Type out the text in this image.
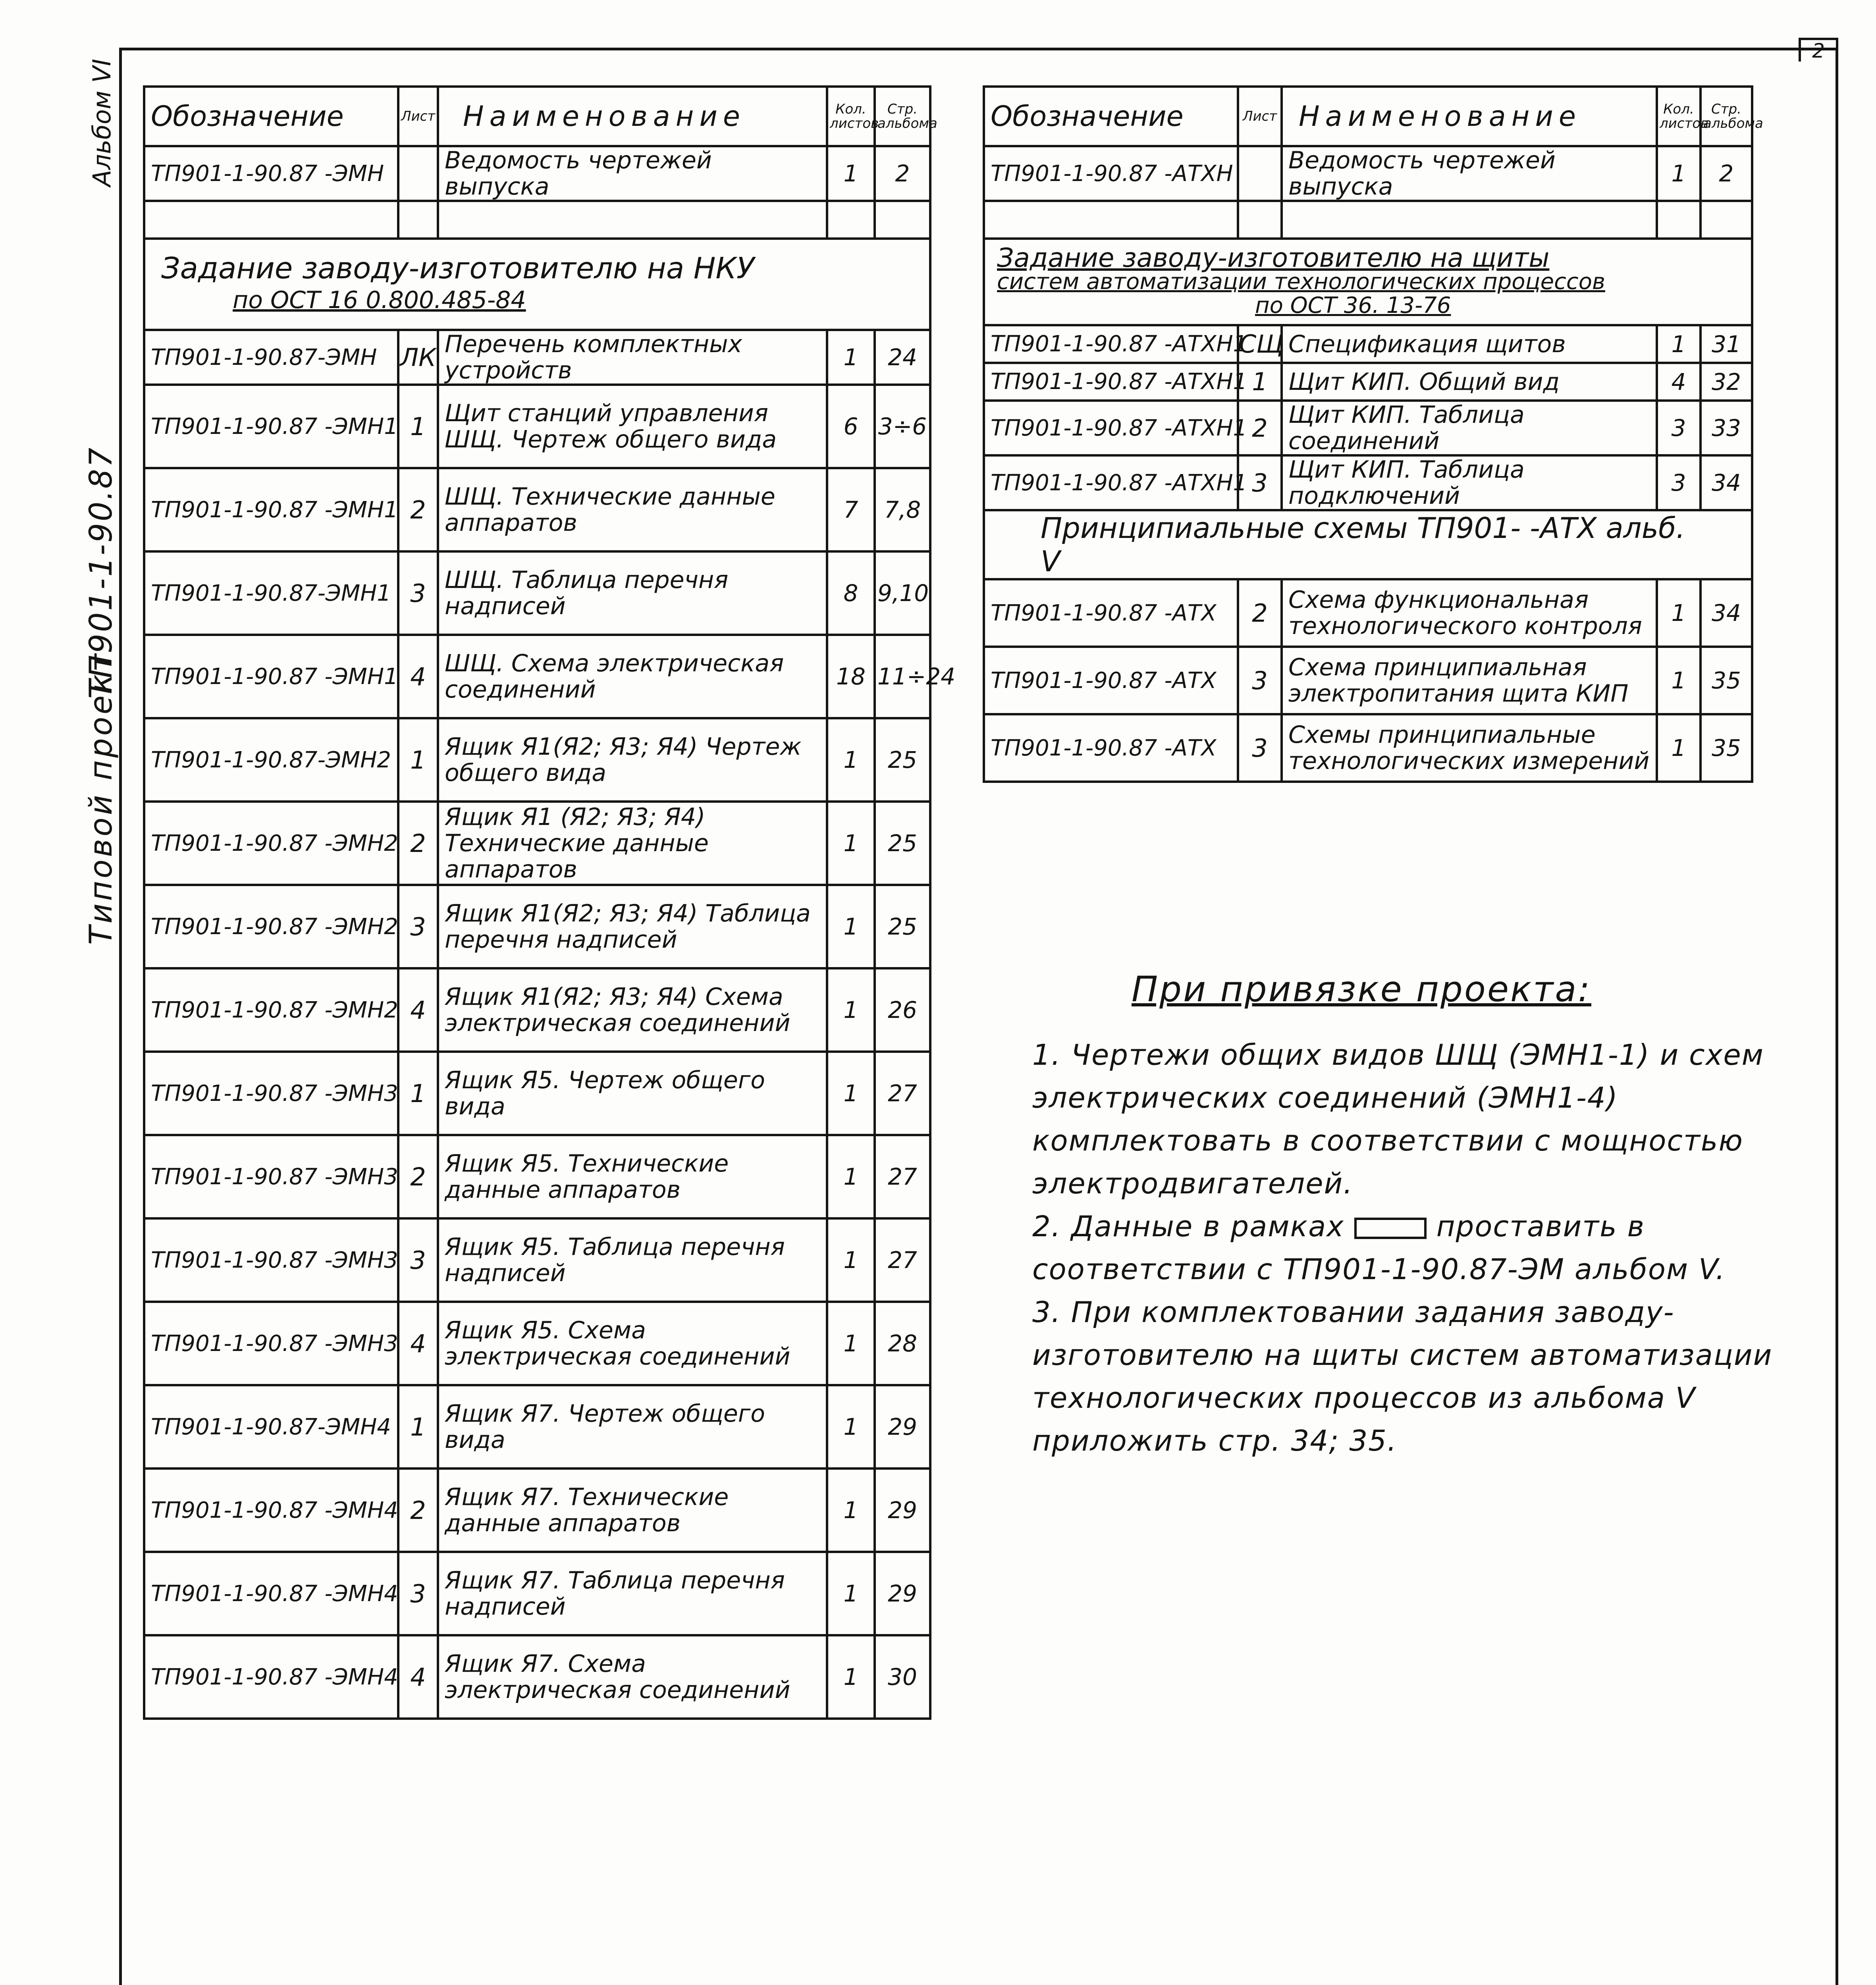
2
Альбом VI
Типовой проект
ТП901-1-90.87
Обозначение	Лист	Наименование	Кол. листов	Стр. альбома
ТП901-1-90.87 -ЭМН		Ведомость чертежей выпуска	1	2

Задание заводу-изготовителю на НКУ
по ОСТ 16 0.800.485-84				

ТП901-1-90.87-ЭМН	ЛК	Перечень комплектных устройств	1	24
ТП901-1-90.87 -ЭМН1	1	Щит станций управления ШЩ. Чертеж общего вида	6	3÷6
ТП901-1-90.87 -ЭМН1	2	ШЩ. Технические данные аппаратов	7	7,8
ТП901-1-90.87-ЭМН1	3	ШЩ. Таблица перечня надписей	8	9,10
ТП901-1-90.87 -ЭМН1	4	ШЩ. Схема электрическая соединений	18	11÷24
ТП901-1-90.87-ЭМН2	1	Ящик Я1(Я2; Я3; Я4) Чертеж общего вида	1	25
ТП901-1-90.87 -ЭМН2	2	Ящик Я1 (Я2; Я3; Я4) Технические данные аппаратов	1	25
ТП901-1-90.87 -ЭМН2	3	Ящик Я1(Я2; Я3; Я4) Таблица перечня надписей	1	25
ТП901-1-90.87 -ЭМН2	4	Ящик Я1(Я2; Я3; Я4) Схема электрическая соединений	1	26
ТП901-1-90.87 -ЭМН3	1	Ящик Я5. Чертеж общего вида	1	27
ТП901-1-90.87 -ЭМН3	2	Ящик Я5. Технические данные аппаратов	1	27
ТП901-1-90.87 -ЭМН3	3	Ящик Я5. Таблица перечня надписей	1	27
ТП901-1-90.87 -ЭМН3	4	Ящик Я5. Схема электрическая соединений	1	28
ТП901-1-90.87-ЭМН4	1	Ящик Я7. Чертеж общего вида	1	29
ТП901-1-90.87 -ЭМН4	2	Ящик Я7. Технические данные аппаратов	1	29
ТП901-1-90.87 -ЭМН4	3	Ящик Я7. Таблица перечня надписей	1	29
ТП901-1-90.87 -ЭМН4	4	Ящик Я7. Схема электрическая соединений	1	30
Обозначение	Лист	Наименование	Кол. листов	Стр. альбома
ТП901-1-90.87 -АТХН		Ведомость чертежей выпуска	1	2

Задание заводу-изготовителю на щиты
систем автоматизации технологических процессов
по ОСТ 36. 13-76				

ТП901-1-90.87 -АТХН1	СЩ	Спецификация щитов	1	31
ТП901-1-90.87 -АТХН1	1	Щит КИП. Общий вид	4	32
ТП901-1-90.87 -АТХН1	2	Щит КИП. Таблица соединений	3	33
ТП901-1-90.87 -АТХН1	3	Щит КИП. Таблица подключений	3	34
Принципиальные схемы ТП901- -АТХ альб. V				
ТП901-1-90.87 -АТХ	2	Схема функциональная технологического контроля	1	34
ТП901-1-90.87 -АТХ	3	Схема принципиальная электропитания щита КИП	1	35
ТП901-1-90.87 -АТХ	3	Схемы принципиальные технологических измерений	1	35
При привязке проекта:
1. Чертежи общих видов ШЩ (ЭМН1-1) и схем электрических соединений (ЭМН1-4) комплектовать в соответствии с мощностью электродвигателей.
2. Данные в рамках	проставить в соответствии с ТП901-1-90.87-ЭМ альбом V.
3. При комплектовании задания заводу-изготовителю на щиты систем автоматизации технологических процессов из альбома V приложить стр. 34; 35.
